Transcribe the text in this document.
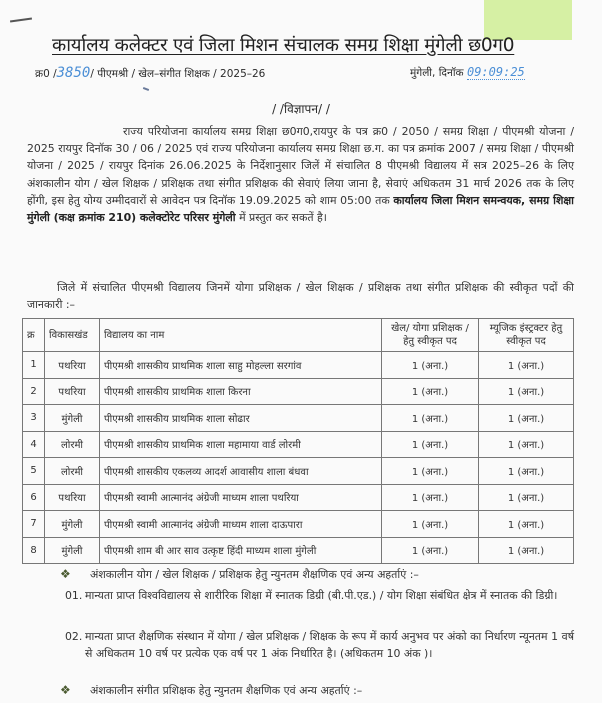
कार्यालय कलेक्टर एवं जिला मिशन संचालक समग्र शिक्षा मुंगेली छ0ग0
क्र0 /3850/ पीएमश्री / खेल–संगीत शिक्षक / 2025–26	मुंगेली, दिनॉक 09:09:25
/ /विज्ञापन/ /
राज्य परियोजना कार्यालय समग्र शिक्षा छ0ग0,रायपुर के पत्र क्र0 / 2050 / समग्र शिक्षा / पीएमश्री योजना / 2025 रायपुर दिनॉक 30 / 06 / 2025 एवं राज्य परियोजना कार्यालय समग्र शिक्षा छ.ग. का पत्र क्रमांक 2007 / समग्र शिक्षा / पीएमश्री योजना / 2025 / रायपुर दिनांक 26.06.2025 के निर्देशानुसार जिलें में संचालित 8 पीएमश्री विद्यालय में सत्र 2025–26 के लिए अंशकालीन योग / खेल शिक्षक / प्रशिक्षक तथा संगीत प्रशिक्षक की सेवाएं लिया जाना है, सेवाएं अधिकतम 31 मार्च 2026 तक के लिए होंगी, इस हेतु योग्य उम्मीदवारों से आवेदन पत्र दिनॉक 19.09.2025 को शाम 05:00 तक कार्यालय जिला मिशन समन्वयक, समग्र शिक्षा मुंगेली (कक्ष क्रमांक 210) कलेक्टोरेट परिसर मुंगेली में प्रस्तुत कर सकतें है।
जिले में संचालित पीएमश्री विद्यालय जिनमें योगा प्रशिक्षक / खेल शिक्षक / प्रशिक्षक तथा संगीत प्रशिक्षक की स्वीकृत पदों की जानकारी :–
क्र	विकासखंड	विद्यालय का नाम	खेल/ योगा प्रशिक्षक / हेतु स्वीकृत पद	म्यूजिक इंस्ट्रक्टर हेतु स्वीकृत पद
1	पथरिया	पीएमश्री शासकीय प्राथमिक शाला साहु मोहल्ला सरगांव	1 (अना.)	1 (अना.)
2	पथरिया	पीएमश्री शासकीय प्राथमिक शाला किरना	1 (अना.)	1 (अना.)
3	मुंगेली	पीएमश्री शासकीय प्राथमिक शाला सोढार	1 (अना.)	1 (अना.)
4	लोरमी	पीएमश्री शासकीय प्राथमिक शाला महामाया वार्ड लोरमी	1 (अना.)	1 (अना.)
5	लोरमी	पीएमश्री शासकीय एकलव्य आदर्श आवासीय शाला बंधवा	1 (अना.)	1 (अना.)
6	पथरिया	पीएमश्री स्वामी आत्मानंद अंग्रेजी माध्यम शाला पथरिया	1 (अना.)	1 (अना.)
7	मुंगेली	पीएमश्री स्वामी आत्मानंद अंग्रेजी माध्यम शाला दाऊपारा	1 (अना.)	1 (अना.)
8	मुंगेली	पीएमश्री शाम बी आर साव उत्कृष्ट हिंदी माध्यम शाला मुंगेली	1 (अना.)	1 (अना.)
❖ अंशकालीन योग / खेल शिक्षक / प्रशिक्षक हेतु न्युनतम शैक्षणिक एवं अन्य अहर्ताएं :–
01. मान्यता प्राप्त विश्वविद्यालय से शारीरिक शिक्षा में स्नातक डिग्री (बी.पी.एड.) / योग शिक्षा संबंधित क्षेत्र में स्नातक की डिग्री।
02. मान्यता प्राप्त शैक्षणिक संस्थान में योगा / खेल प्रशिक्षक / शिक्षक के रूप में कार्य अनुभव पर अंको का निर्धारण न्यूनतम 1 वर्ष से अधिकतम 10 वर्ष पर प्रत्येक एक वर्ष पर 1 अंक निर्धारित है। (अधिकतम 10 अंक )।
❖ अंशकालीन संगीत प्रशिक्षक हेतु न्युनतम शैक्षणिक एवं अन्य अहर्ताएं :–
